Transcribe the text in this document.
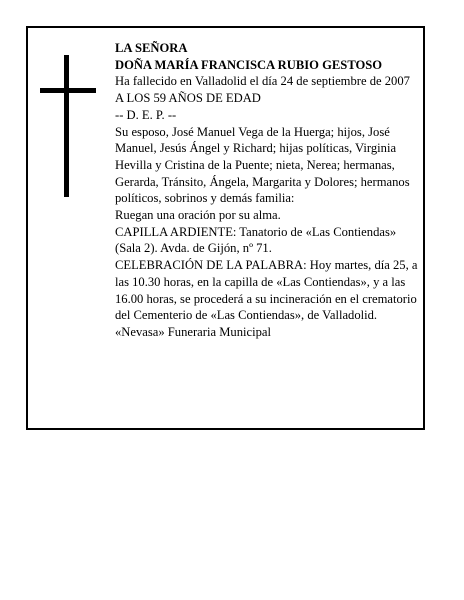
LA SEÑORA

DOÑA MARÍA FRANCISCA RUBIO GESTOSO

Ha fallecido en Valladolid el día 24 de septiembre de 2007

A LOS 59 AÑOS DE EDAD

-- D. E. P. --

Su esposo, José Manuel Vega de la Huerga; hijos, José Manuel, Jesús Ángel y Richard; hijas políticas, Virginia Hevilla y Cristina de la Puente; nieta, Nerea; hermanas, Gerarda, Tránsito, Ángela, Margarita y Dolores; hermanos políticos, sobrinos y demás familia:

Ruegan una oración por su alma.

CAPILLA ARDIENTE: Tanatorio de «Las Contiendas» (Sala 2). Avda. de Gijón, nº 71.

CELEBRACIÓN DE LA PALABRA: Hoy martes, día 25, a las 10.30 horas, en la capilla de «Las Contiendas», y a las 16.00 horas, se procederá a su incineración en el crematorio del Cementerio de «Las Contiendas», de Valladolid.

«Nevasa» Funeraria Municipal
